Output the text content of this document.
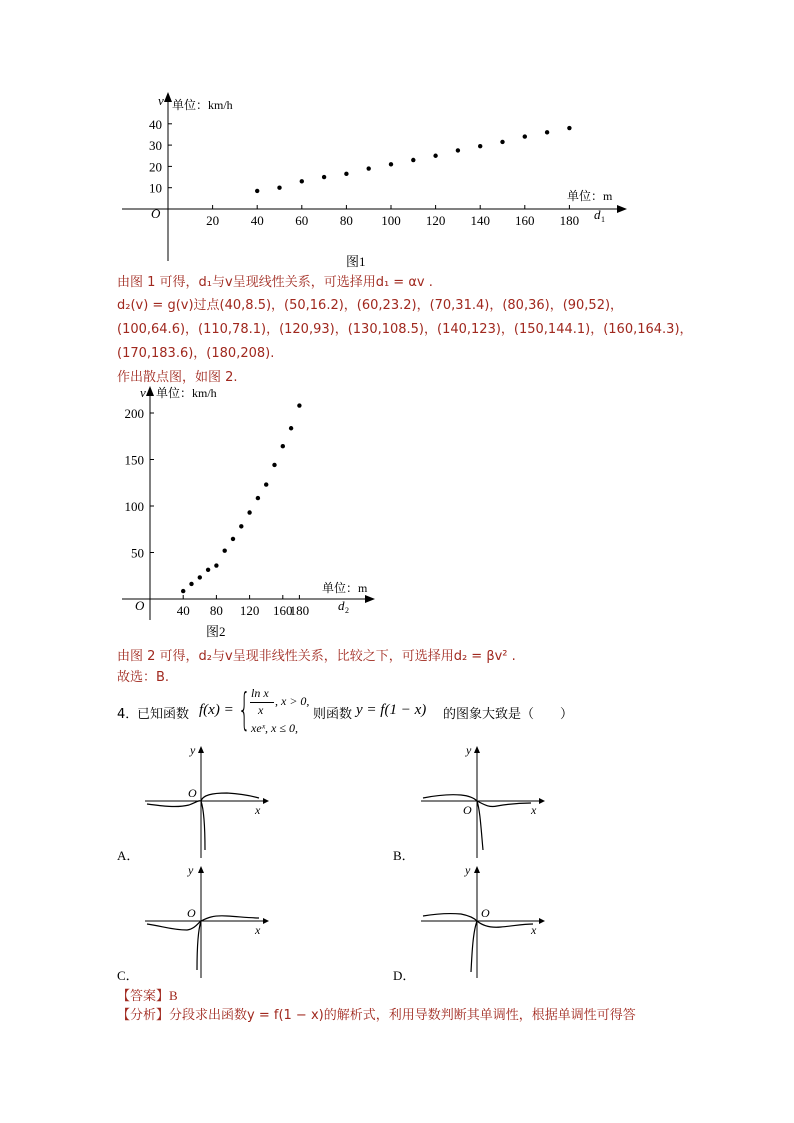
10
20
30
40
20 40 60 80 100 120 140 160 180
v 单位：km/h
单位：m
d 1
O
图1
由图 1 可得，d₁与v呈现线性关系，可选择用d₁ = αv .
d₂(v) = g(v)过点(40,8.5)，(50,16.2)，(60,23.2)，(70,31.4)，(80,36)，(90,52)，
(100,64.6)，(110,78.1)，(120,93)，(130,108.5)，(140,123)，(150,144.1)，(160,164.3)，
(170,183.6)，(180,208).
作出散点图，如图 2.
50
100
150
200
40 80 120 160
180
v 单位：km/h
单位：m
d 2
O
图2
由图 2 可得，d₂与v呈现非线性关系，比较之下，可选择用d₂ = βv² .
故选：B.
4．
已知函数 f(x) = { ln x
x
, x > 0,
xeˣ, x ≤ 0,
则函数 y = f(1 − x) 的图象大致是（　　）
y
O
x
A．
y
O	x
B．
y
O
x
C．
y
O
x
D．
【答案】B
【分析】分段求出函数y = f(1 − x)的解析式，利用导数判断其单调性，根据单调性可得答
